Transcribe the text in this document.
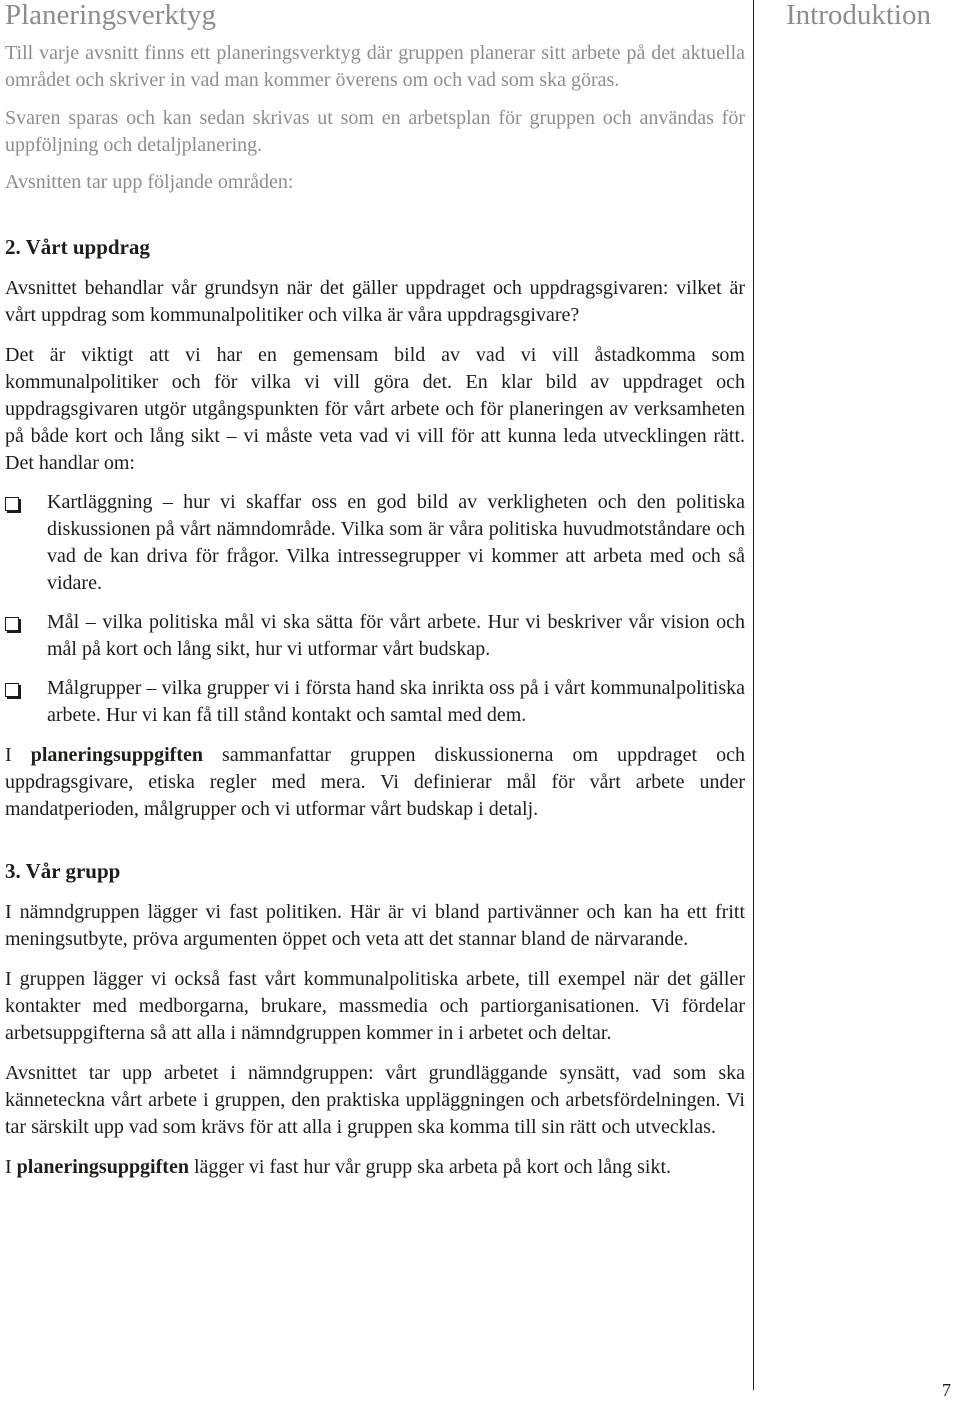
Introduktion
7
Planeringsverktyg

Till varje avsnitt finns ett planeringsverktyg där gruppen planerar sitt arbete på det aktuella området och skriver in vad man kommer överens om och vad som ska göras.

Svaren sparas och kan sedan skrivas ut som en arbetsplan för gruppen och användas för uppföljning och detaljplanering.

Avsnitten tar upp följande områden:

2. Vårt uppdrag

Avsnittet behandlar vår grundsyn när det gäller uppdraget och uppdragsgivaren: vilket är vårt uppdrag som kommunalpolitiker och vilka är våra uppdragsgivare?

Det är viktigt att vi har en gemensam bild av vad vi vill åstadkomma som kommunalpolitiker och för vilka vi vill göra det. En klar bild av uppdraget och uppdragsgivaren utgör utgångspunkten för vårt arbete och för planeringen av verksamheten på både kort och lång sikt – vi måste veta vad vi vill för att kunna leda utvecklingen rätt. Det handlar om:

Kartläggning – hur vi skaffar oss en god bild av verkligheten och den politiska diskussionen på vårt nämndområde. Vilka som är våra politiska huvudmotståndare och vad de kan driva för frågor. Vilka intressegrupper vi kommer att arbeta med och så vidare.
Mål – vilka politiska mål vi ska sätta för vårt arbete. Hur vi beskriver vår vision och mål på kort och lång sikt, hur vi utformar vårt budskap.
Målgrupper – vilka grupper vi i första hand ska inrikta oss på i vårt kommunalpolitiska arbete. Hur vi kan få till stånd kontakt och samtal med dem.

I planeringsuppgiften sammanfattar gruppen diskussionerna om uppdraget och uppdragsgivare, etiska regler med mera. Vi definierar mål för vårt arbete under mandatperioden, målgrupper och vi utformar vårt budskap i detalj.

3. Vår grupp

I nämndgruppen lägger vi fast politiken. Här är vi bland partivänner och kan ha ett fritt meningsutbyte, pröva argumenten öppet och veta att det stannar bland de närvarande.

I gruppen lägger vi också fast vårt kommunalpolitiska arbete, till exempel när det gäller kontakter med medborgarna, brukare, massmedia och partiorganisationen. Vi fördelar arbetsuppgifterna så att alla i nämndgruppen kommer in i arbetet och deltar.

Avsnittet tar upp arbetet i nämndgruppen: vårt grundläggande synsätt, vad som ska känneteckna vårt arbete i gruppen, den praktiska uppläggningen och arbetsfördelningen. Vi tar särskilt upp vad som krävs för att alla i gruppen ska komma till sin rätt och utvecklas.

I planeringsuppgiften lägger vi fast hur vår grupp ska arbeta på kort och lång sikt.
